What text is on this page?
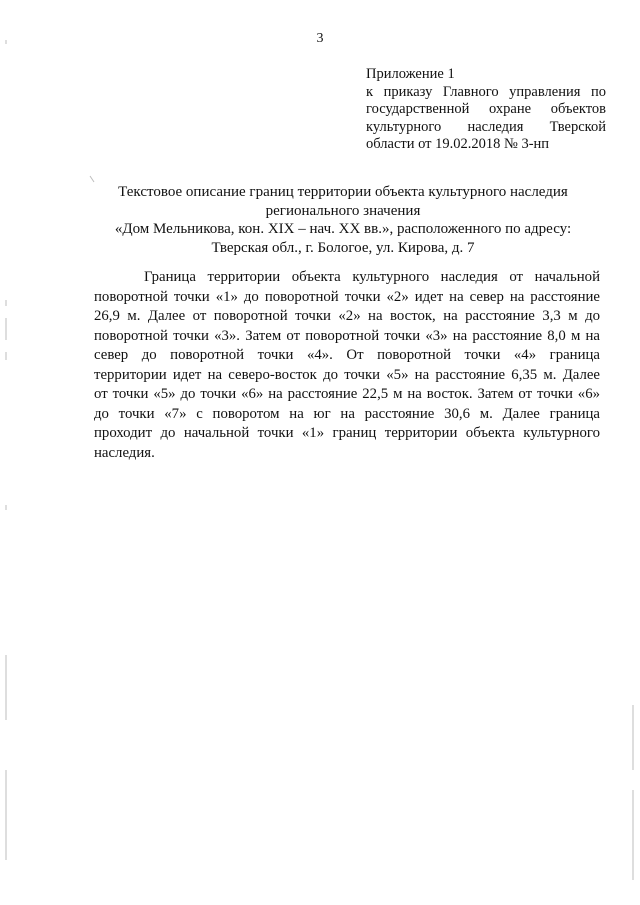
3
Приложение 1
к приказу Главного управления по
государственной охране объектов
культурного наследия Тверской
области от 19.02.2018 № 3-нп
Текстовое описание границ территории объекта культурного наследия
регионального значения
«Дом Мельникова, кон. XIX – нач. XX вв.», расположенного по адресу:
Тверская обл., г. Бологое, ул. Кирова, д. 7
Граница территории объекта культурного наследия от начальной
поворотной точки «1» до поворотной точки «2» идет на север на расстояние
26,9 м. Далее от поворотной точки «2» на восток, на расстояние 3,3 м до
поворотной точки «3». Затем от поворотной точки «3» на расстояние 8,0 м на
север до поворотной точки «4». От поворотной точки «4» граница
территории идет на северо-восток до точки «5» на расстояние 6,35 м. Далее
от точки «5» до точки «6» на расстояние 22,5 м на восток. Затем от точки «6»
до точки «7» с поворотом на юг на расстояние 30,6 м. Далее граница
проходит до начальной точки «1» границ территории объекта культурного
наследия.
